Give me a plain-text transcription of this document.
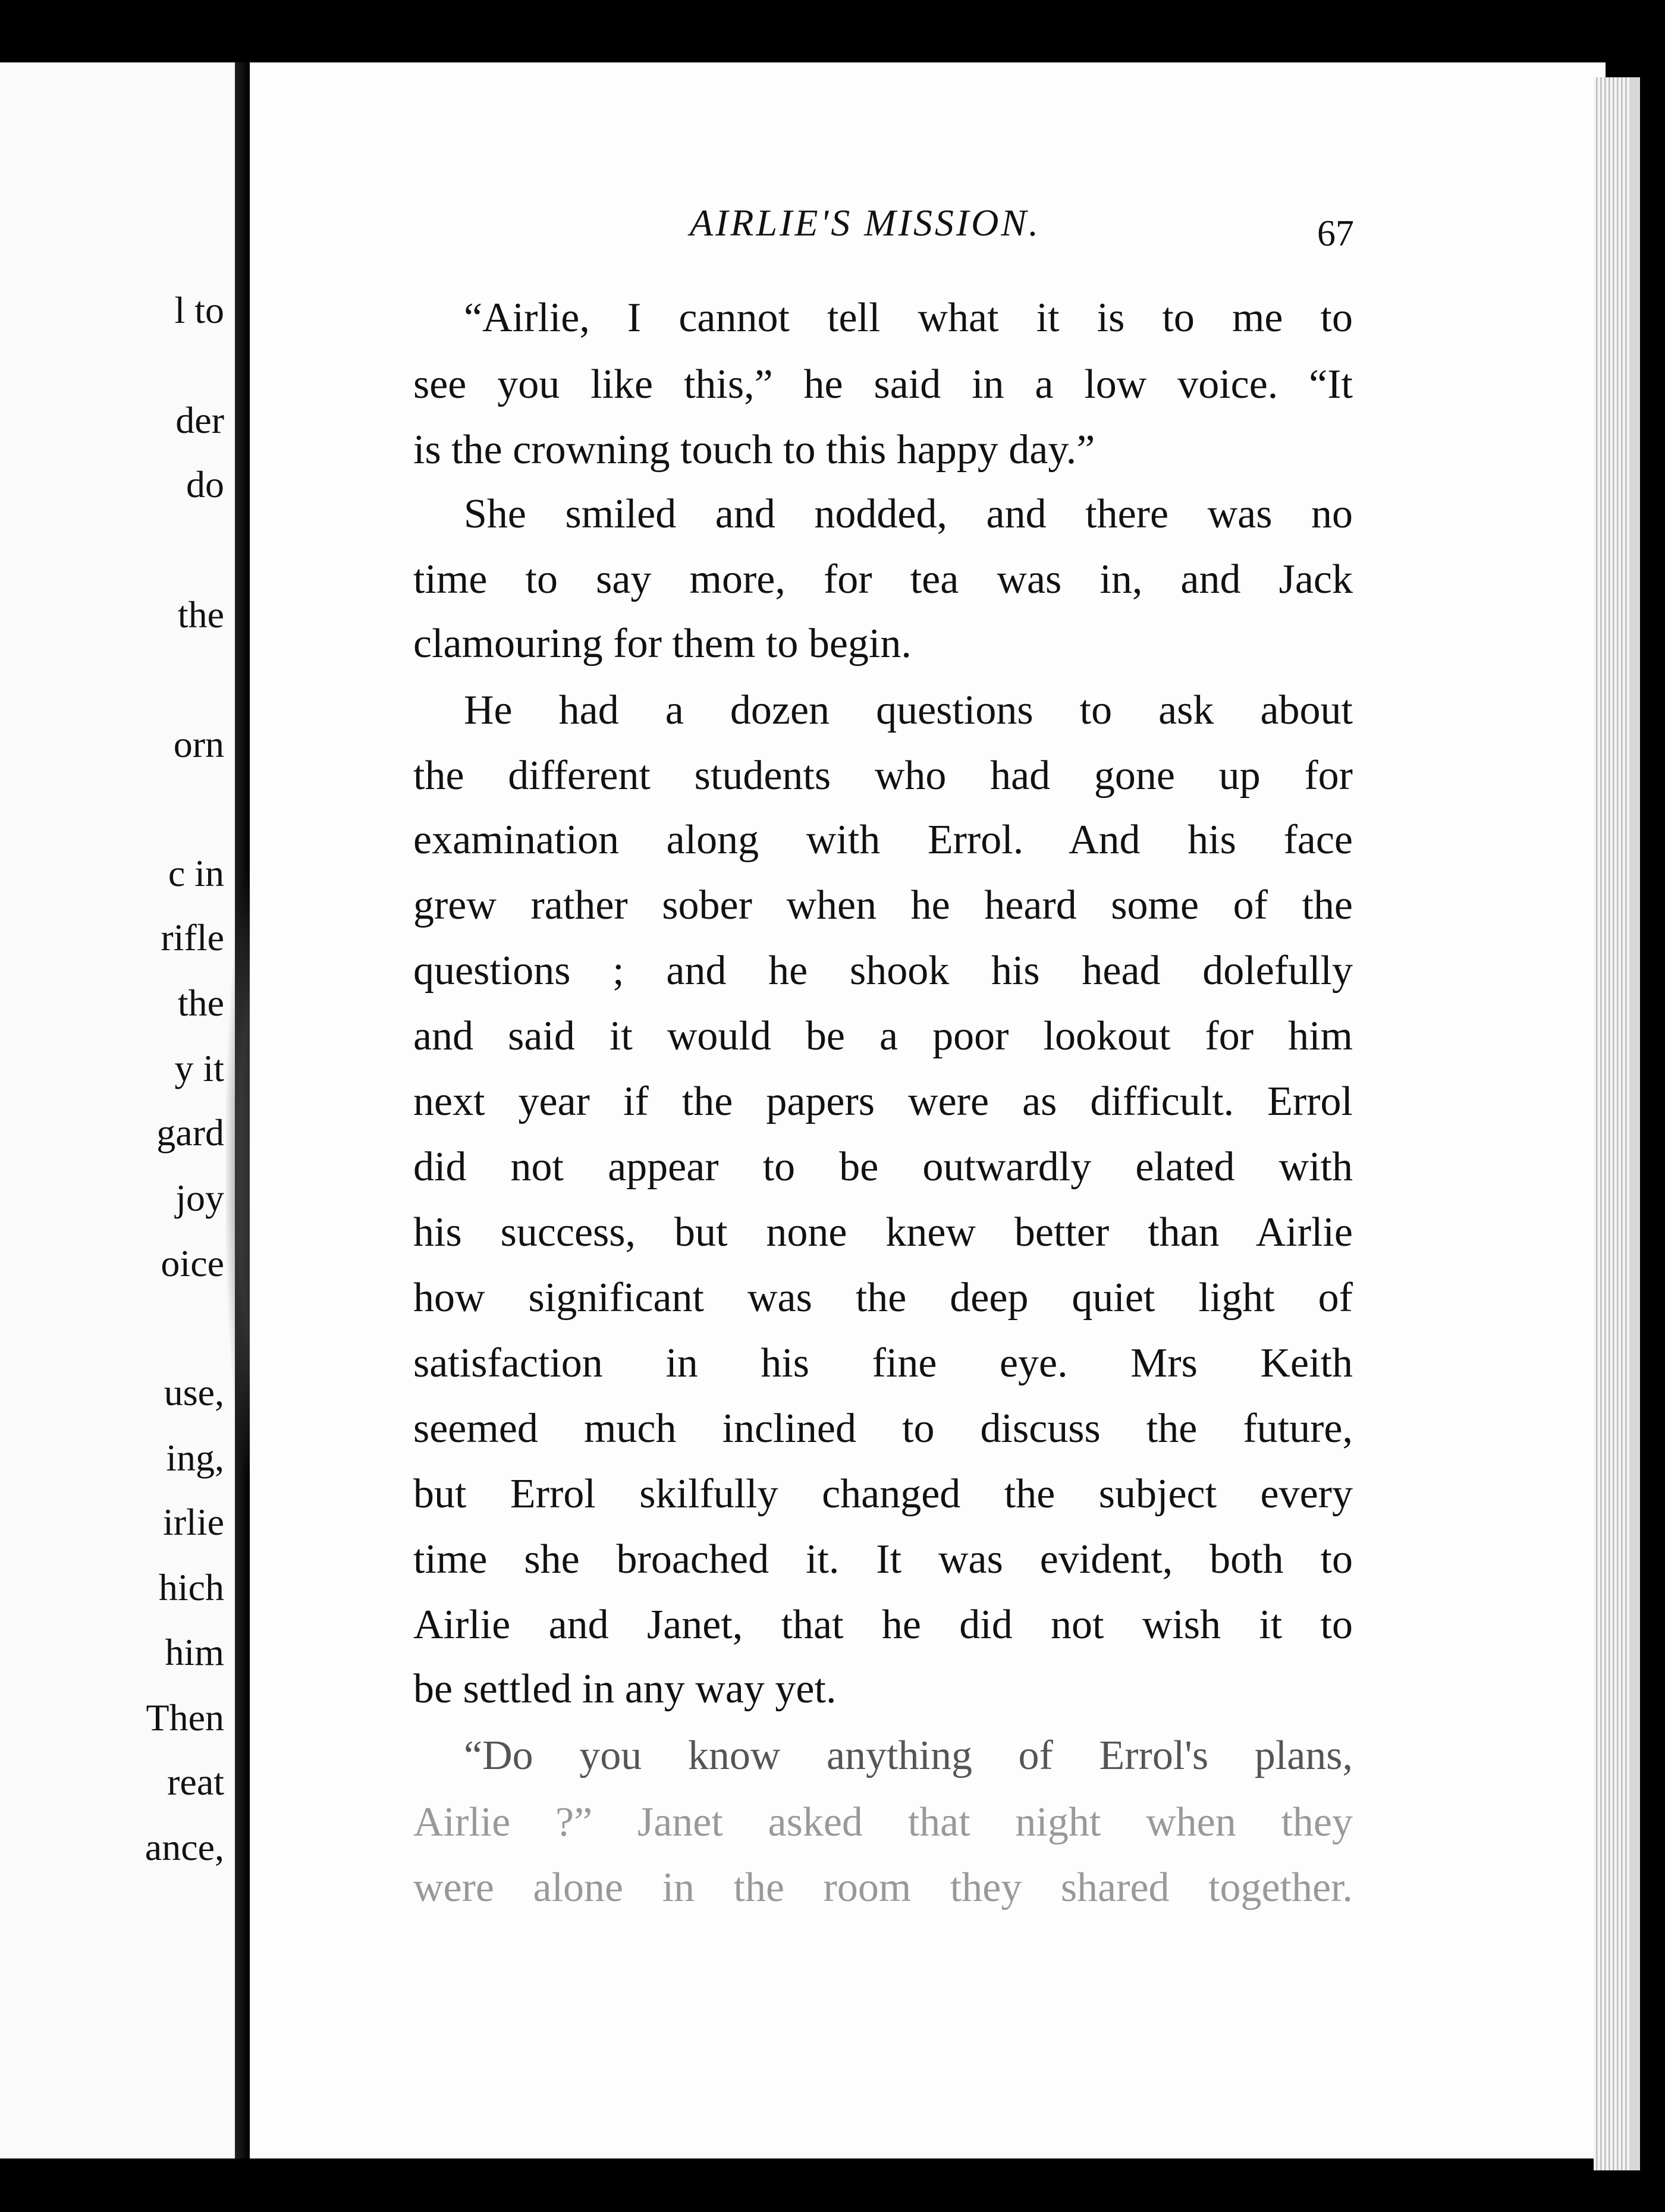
l to

der

do

the

orn

c in

rifle

the

y it

gard

joy

oice

use,

ing,

irlie

hich

him

Then

reat

ance,

AIRLIE'S MISSION.	67

“Airlie, I cannot tell what it is to me to

see you like this,” he said in a low voice. “It

is the crowning touch to this happy day.”

She smiled and nodded, and there was no

time to say more, for tea was in, and Jack

clamouring for them to begin.

He had a dozen questions to ask about

the different students who had gone up for

examination along with Errol. And his face

grew rather sober when he heard some of the

questions ; and he shook his head dolefully

and said it would be a poor lookout for him

next year if the papers were as difficult. Errol

did not appear to be outwardly elated with

his success, but none knew better than Airlie

how significant was the deep quiet light of

satisfaction in his fine eye. Mrs Keith

seemed much inclined to discuss the future,

but Errol skilfully changed the subject every

time she broached it. It was evident, both to

Airlie and Janet, that he did not wish it to

be settled in any way yet.

“Do you know anything of Errol's plans,

Airlie ?” Janet asked that night when they

were alone in the room they shared together.
